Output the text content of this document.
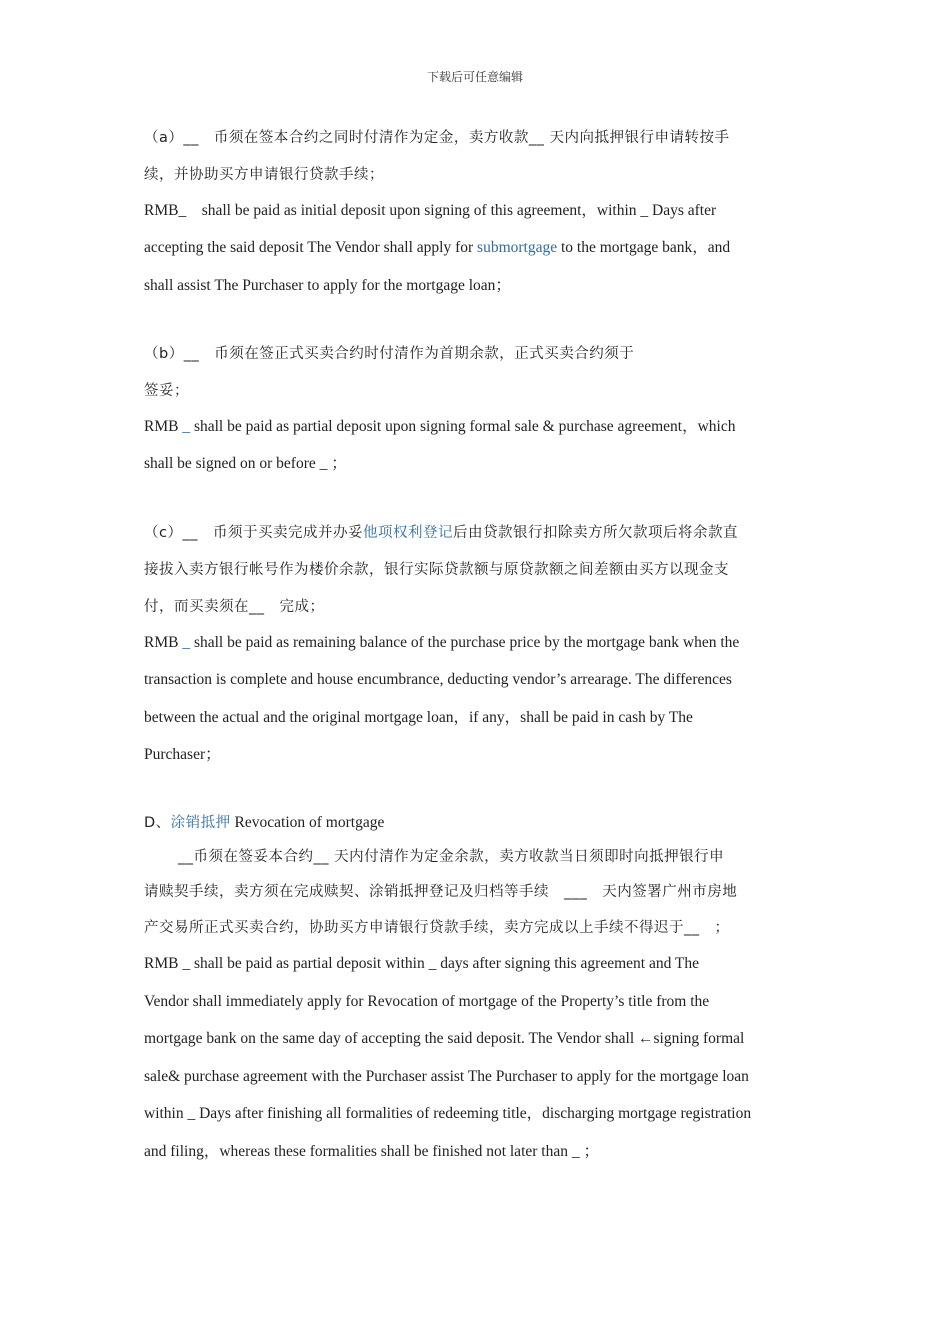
下载后可任意编辑
（a）__　币须在签本合约之同时付清作为定金，卖方收款__ 天内向抵押银行申请转按手
续，并协助买方申请银行贷款手续；
RMB_　shall be paid as initial deposit upon signing of this agreement，within _ Days after
accepting the said deposit The Vendor shall apply for submortgage to the mortgage bank，and
shall assist The Purchaser to apply for the mortgage loan；
（b）__　币须在签正式买卖合约时付清作为首期余款，正式买卖合约须于
签妥；
RMB _ shall be paid as partial deposit upon signing formal sale & purchase agreement，which
shall be signed on or before _ ；
（c）__　币须于买卖完成并办妥他项权利登记后由贷款银行扣除卖方所欠款项后将余款直
接拔入卖方银行帐号作为楼价余款，银行实际贷款额与原贷款额之间差额由买方以现金支
付，而买卖须在__　完成；
RMB _ shall be paid as remaining balance of the purchase price by the mortgage bank when the
transaction is complete and house encumbrance, deducting vendor’s arrearage. The differences
between the actual and the original mortgage loan，if any，shall be paid in cash by The
Purchaser；
D、涂销抵押 Revocation of mortgage
__币须在签妥本合约__ 天内付清作为定金余款，卖方收款当日须即时向抵押银行申
请赎契手续，卖方须在完成赎契、涂销抵押登记及归档等手续　___　天内签署广州市房地
产交易所正式买卖合约，协助买方申请银行贷款手续，卖方完成以上手续不得迟于__　；
RMB _ shall be paid as partial deposit within _ days after signing this agreement and The
Vendor shall immediately apply for Revocation of mortgage of the Property’s title from the
mortgage bank on the same day of accepting the said deposit. The Vendor shall ←signing formal
sale& purchase agreement with the Purchaser assist The Purchaser to apply for the mortgage loan
within _ Days after finishing all formalities of redeeming title，discharging mortgage registration
and filing，whereas these formalities shall be finished not later than _ ；
